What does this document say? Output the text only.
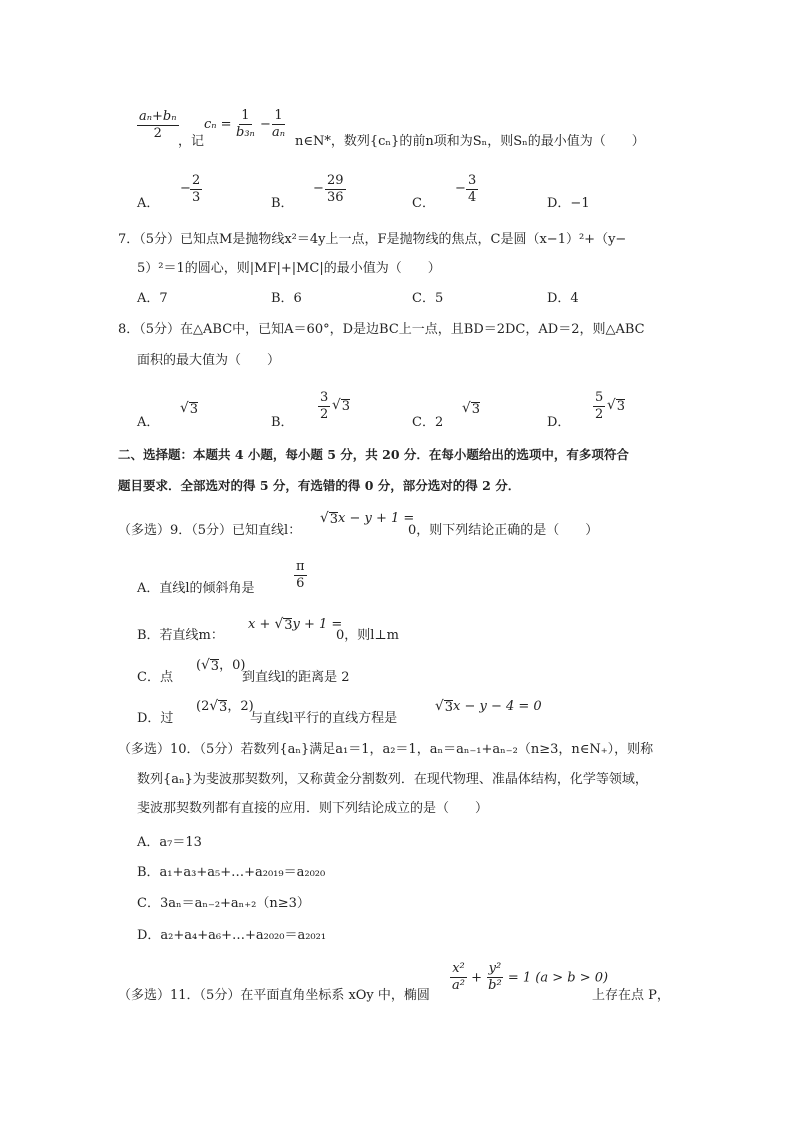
$\frac{\text{aₙ+bₙ}}{2}$ ，记
$c_n = \frac{1}{\text{b₃ₙ}} - \frac{1}{\text{aₙ}}$
n∈N*，数列{cₙ}的前n项和为Sₙ，则Sₙ的最小值为（　　）
A．
− $\frac{2}{3}$	B．
− $\frac{29}{36}$	C．
− $\frac{3}{4}$	D．−1
7．（5分）已知点M是抛物线x²＝4y上一点，F是抛物线的焦点，C是圆（x−1）²+（y−
5）²＝1的圆心，则|MF|+|MC|的最小值为（　　）
A．7	B．6	C．5	D．4
8．（5分）在△ABC中，已知A＝60°，D是边BC上一点，且BD＝2DC，AD＝2，则△ABC
面积的最大值为（　　）
A．
√ 3
B． $\frac{3}{2}$ √ 3
C．2
√ 3
D． $\frac{5}{2}$ √ 3
二、选择题：本题共 4 小题，每小题 5 分，共 20 分．在每小题给出的选项中，有多项符合
题目要求．全部选对的得 5 分，有选错的得 0 分，部分选对的得 2 分．
（多选）9．（5分）已知直线l：
√ 3 x − y + 1 =
0，则下列结论正确的是（　　）
A．直线l的倾斜角是	$\frac{\pi}{6}$
B．若直线m：
x + √ 3 y + 1 =
0，则l⊥m
C．点
( √ 3 ，0)
到直线l的距离是 2
D．过
(2 √ 3 ，2)
与直线l平行的直线方程是
√ 3 x − y − 4 = 0
（多选）10．（5分）若数列{aₙ}满足a₁＝1，a₂＝1，aₙ＝aₙ₋₁+aₙ₋₂（n≥3，n∈N₊），则称
数列{aₙ}为斐波那契数列，又称黄金分割数列．在现代物理、准晶体结构，化学等领域，
斐波那契数列都有直接的应用．则下列结论成立的是（　　）
A．a₇＝13
B．a₁+a₃+a₅+…+a₂₀₁₉＝a₂₀₂₀
C．3aₙ＝aₙ₋₂+aₙ₊₂（n≥3）
D．a₂+a₄+a₆+…+a₂₀₂₀＝a₂₀₂₁
（多选）11．（5分）在平面直角坐标系 xOy 中，椭圆
$\frac{\text{x²}}{\text{a²}} + \frac{\text{y²}}{\text{b²}} = 1$ (a > b > 0)
上存在点 P，
